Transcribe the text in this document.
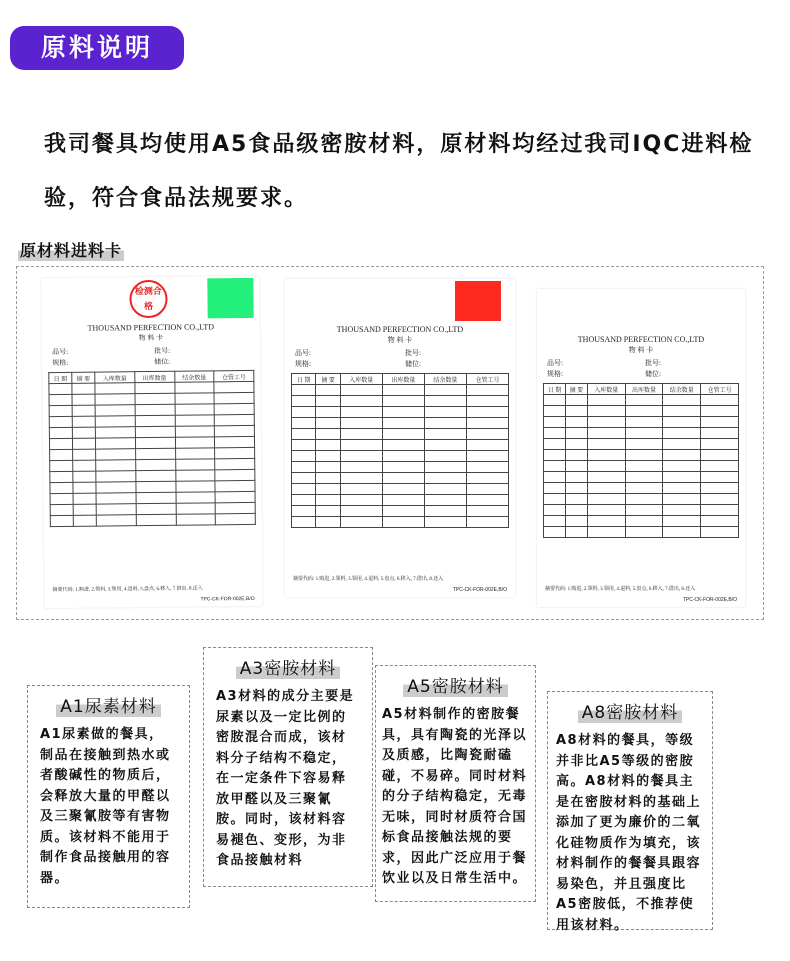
原料说明
我司餐具均使用A5食品级密胺材料，原材料均经过我司IQC进料检验，符合食品法规要求。
原材料进料卡
检测合格
THOUSAND PERFECTION CO.,LTD
物 料 卡
品号:	批号:
规格:	储位:
日 期	摘 要	入库数量	出库数量	结余数量	仓管工号

摘要代码: 1.购进, 2.领料, 3.领用, 4.退料, 5.盘点, 6.移入, 7.借出, 8.还入
TPC-CK-FOR-002E,B/O
THOUSAND PERFECTION CO.,LTD
物 料 卡
品号:	批号:
规格:	储位:
日 期	摘 要	入库数量	出库数量	结余数量	仓管工号

摘要代码: 1.购进, 2.领料, 3.领用, 4.退料, 5.盘点, 6.移入, 7.借出, 8.还入
TPC-CK-FOR-002E,B/O
THOUSAND PERFECTION CO.,LTD
物 料 卡
品号:	批号:
规格:	储位:
日 期	摘 要	入库数量	出库数量	结余数量	仓管工号

摘要代码: 1.购进, 2.领料, 3.领用, 4.退料, 5.盘点, 6.移入, 7.借出, 8.还入
TPC-CK-FOR-002E,B/O
A1尿素材料

A1尿素做的餐具，制品在接触到热水或者酸碱性的物质后，会释放大量的甲醛以及三聚氰胺等有害物质。该材料不能用于制作食品接触用的容器。

A3密胺材料

A3材料的成分主要是尿素以及一定比例的密胺混合而成，该材料分子结构不稳定，在一定条件下容易释放甲醛以及三聚氰胺。同时，该材料容易褪色、变形，为非食品接触材料

A5密胺材料

A5材料制作的密胺餐具，具有陶瓷的光泽以及质感，比陶瓷耐磕碰，不易碎。同时材料的分子结构稳定，无毒无味，同时材质符合国标食品接触法规的要求，因此广泛应用于餐饮业以及日常生活中。

A8密胺材料

A8材料的餐具，等级并非比A5等级的密胺高。A8材料的餐具主是在密胺材料的基础上添加了更为廉价的二氧化硅物质作为填充，该材料制作的餐餐具跟容易染色，并且强度比A5密胺低，不推荐使用该材料。
